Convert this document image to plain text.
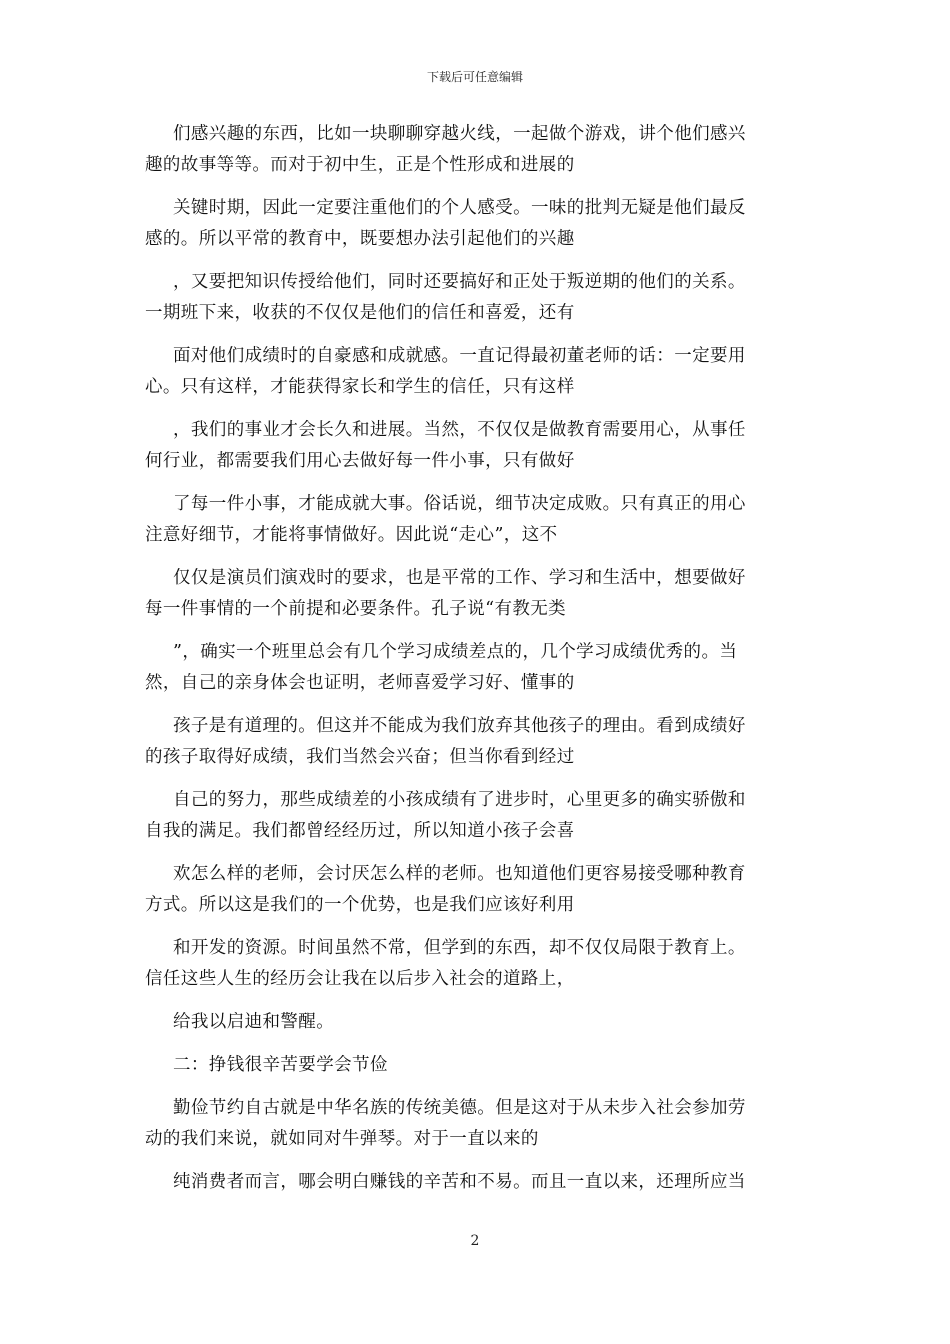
下载后可任意编辑

们感兴趣的东西，比如一块聊聊穿越火线，一起做个游戏，讲个他们感兴
趣的故事等等。而对于初中生，正是个性形成和进展的

关键时期，因此一定要注重他们的个人感受。一味的批判无疑是他们最反
感的。所以平常的教育中，既要想办法引起他们的兴趣

，又要把知识传授给他们，同时还要搞好和正处于叛逆期的他们的关系。
一期班下来，收获的不仅仅是他们的信任和喜爱，还有

面对他们成绩时的自豪感和成就感。一直记得最初董老师的话：一定要用
心。只有这样，才能获得家长和学生的信任，只有这样

，我们的事业才会长久和进展。当然，不仅仅是做教育需要用心，从事任
何行业，都需要我们用心去做好每一件小事，只有做好

了每一件小事，才能成就大事。俗话说，细节决定成败。只有真正的用心
注意好细节，才能将事情做好。因此说“走心”，这不

仅仅是演员们演戏时的要求，也是平常的工作、学习和生活中，想要做好
每一件事情的一个前提和必要条件。孔子说“有教无类

”，确实一个班里总会有几个学习成绩差点的，几个学习成绩优秀的。当
然，自己的亲身体会也证明，老师喜爱学习好、懂事的

孩子是有道理的。但这并不能成为我们放弃其他孩子的理由。看到成绩好
的孩子取得好成绩，我们当然会兴奋；但当你看到经过

自己的努力，那些成绩差的小孩成绩有了进步时，心里更多的确实骄傲和
自我的满足。我们都曾经经历过，所以知道小孩子会喜

欢怎么样的老师，会讨厌怎么样的老师。也知道他们更容易接受哪种教育
方式。所以这是我们的一个优势，也是我们应该好利用

和开发的资源。时间虽然不常，但学到的东西，却不仅仅局限于教育上。
信任这些人生的经历会让我在以后步入社会的道路上，

给我以启迪和警醒。

二：挣钱很辛苦要学会节俭

勤俭节约自古就是中华名族的传统美德。但是这对于从未步入社会参加劳
动的我们来说，就如同对牛弹琴。对于一直以来的

纯消费者而言，哪会明白赚钱的辛苦和不易。而且一直以来，还理所应当

2
